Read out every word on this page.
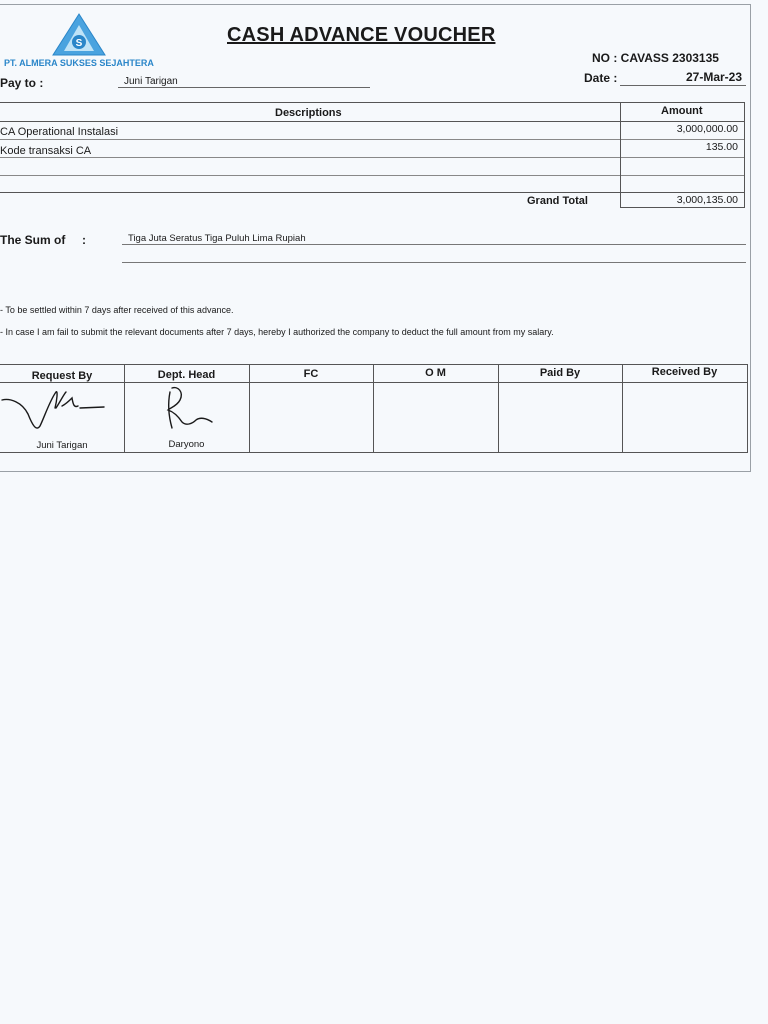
S
PT. ALMERA SUKSES SEJAHTERA
CASH ADVANCE VOUCHER
NO : CAVASS 2303135
Date :	27-Mar-23
Pay to :	Juni Tarigan
Descriptions	Amount
CA Operational Instalasi	3,000,000.00
Kode transaksi CA	135.00
Grand Total	3,000,135.00
The Sum of :	Tiga Juta Seratus Tiga Puluh Lima Rupiah
- To be settled within 7 days after received of this advance.
- In case I am fail to submit the relevant documents after 7 days, hereby I authorized the company to deduct the full amount from my salary.
Request By	Dept. Head	FC	O M	Paid By	Received By
Juni Tarigan	Daryono
